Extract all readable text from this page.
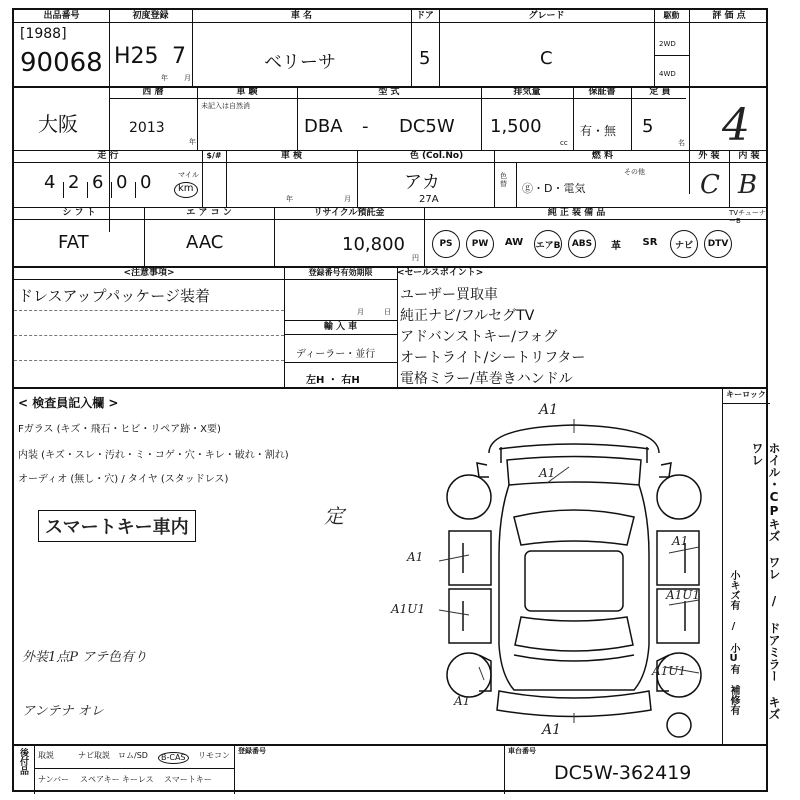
出品番号
[1988]
90068
初度登録
H25 7
年 月
車 名
ベリーサ
ドア
5
グレード
C
駆動
2WD
4WD
評 価 点
4
大阪
西 暦
2013
年
車 験
未記入は自然消
型 式
DBA - DC5W
排気量
1,500
cc
保証書
有・無
定 員
5
名
走 行
4 2 6 0 0	マイル
km
$/#	車 検
年	月
色 (Col.No)
アカ
27A
色替
燃 料
ⓖ・D・電気
その他
外 装
C
内 装
B
シ フ ト
FAT
エ ア コ ン
AAC
リサイクル預託金
10,800
円
純 正 装 備 品	TVチューナーB
PS	PW	AW	エアB	ABS	革	SR	ナビ	DTV
<注意事項>
ドレスアップパッケージ装着
登録番号有効期限
月	日
輸 入 車
ディーラー・並行
左H ・ 右H
<セールスポイント>
ユーザー買取車
純正ナビ/フルセグTV
アドバンストキー/フォグ
オートライト/シートリフター
電格ミラー/革巻きハンドル
キーロック
< 検査員記入欄 >
Fガラス (キズ・飛石・ヒビ・リペア跡・X要)
内装 (キズ・スレ・汚れ・ミ・コゲ・穴・キレ・破れ・割れ)
オーディオ (無し・穴) / タイヤ (スタッドレス)
スマートキー車内	定
外装1点P アテ色有り
アンテナ オレ	ホイル・CPキズ ワレ / ドアミラー キズ ワレ
小キズ有 / 小U有 補修有
A1
A1
A1
A1U1
A1
A1U1
A1U1
A1
A1
後付品 取説	ナビ取説 ロム/SD	B-CAS	リモコン
ナンバー スペアキー キーレス スマートキー
登録番号	車台番号
DC5W-362419
